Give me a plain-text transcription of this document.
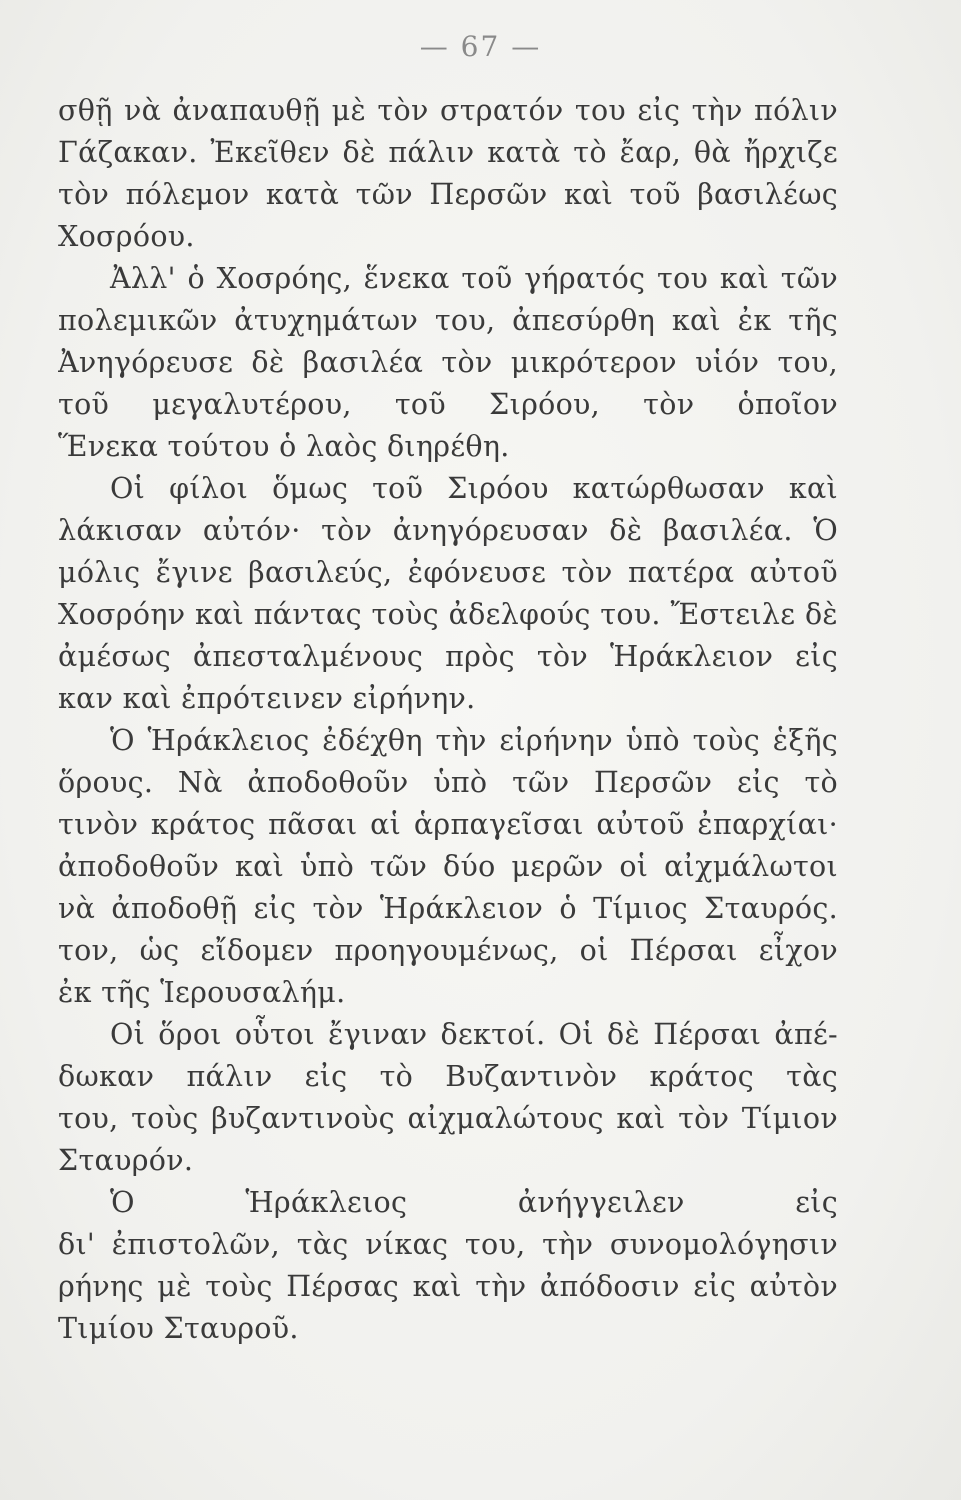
— 67 —
σθῇ νὰ ἀναπαυθῇ μὲ τὸν στρατόν του εἰς τὴν πόλιν
Γάζακαν. Ἐκεῖθεν δὲ πάλιν κατὰ τὸ ἔαρ, θὰ ἤρχιζε
τὸν πόλεμον κατὰ τῶν Περσῶν καὶ τοῦ βασιλέως
Χοσρόου.
Ἀλλ' ὁ Χοσρόης, ἕνεκα τοῦ γήρατός του καὶ τῶν
πολεμικῶν ἀτυχημάτων του, ἀπεσύρθη καὶ ἐκ τῆς
Ἀνηγόρευσε δὲ βασιλέα τὸν μικρότερον υἱόν του,
τοῦ μεγαλυτέρου, τοῦ Σιρόου, τὸν ὁποῖον
Ἕνεκα τούτου ὁ λαὸς διηρέθη.
Οἱ φίλοι ὅμως τοῦ Σιρόου κατώρθωσαν καὶ
λάκισαν αὐτόν· τὸν ἀνηγόρευσαν δὲ βασιλέα. Ὁ
μόλις ἔγινε βασιλεύς, ἐφόνευσε τὸν πατέρα αὐτοῦ
Χοσρόην καὶ πάντας τοὺς ἀδελφούς του. Ἔστειλε δὲ
ἀμέσως ἀπεσταλμένους πρὸς τὸν Ἡράκλειον εἰς
καν καὶ ἐπρότεινεν εἰρήνην.
Ὁ Ἡράκλειος ἐδέχθη τὴν εἰρήνην ὑπὸ τοὺς ἑξῆς
ὅρους. Νὰ ἀποδοθοῦν ὑπὸ τῶν Περσῶν εἰς τὸ
τινὸν κράτος πᾶσαι αἱ ἁρπαγεῖσαι αὐτοῦ ἐπαρχίαι·
ἀποδοθοῦν καὶ ὑπὸ τῶν δύο μερῶν οἱ αἰχμάλωτοι
νὰ ἀποδοθῇ εἰς τὸν Ἡράκλειον ὁ Τίμιος Σταυρός.
τον, ὡς εἴδομεν προηγουμένως, οἱ Πέρσαι εἶχον
ἐκ τῆς Ἱερουσαλήμ.
Οἱ ὅροι οὗτοι ἔγιναν δεκτοί. Οἱ δὲ Πέρσαι ἀπέ-
δωκαν πάλιν εἰς τὸ Βυζαντινὸν κράτος τὰς
του, τοὺς βυζαντινοὺς αἰχμαλώτους καὶ τὸν Τίμιον
Σταυρόν.
Ὁ Ἡράκλειος ἀνήγγειλεν εἰς
δι' ἐπιστολῶν, τὰς νίκας του, τὴν συνομολόγησιν
ρήνης μὲ τοὺς Πέρσας καὶ τὴν ἀπόδοσιν εἰς αὐτὸν
Τιμίου Σταυροῦ.
